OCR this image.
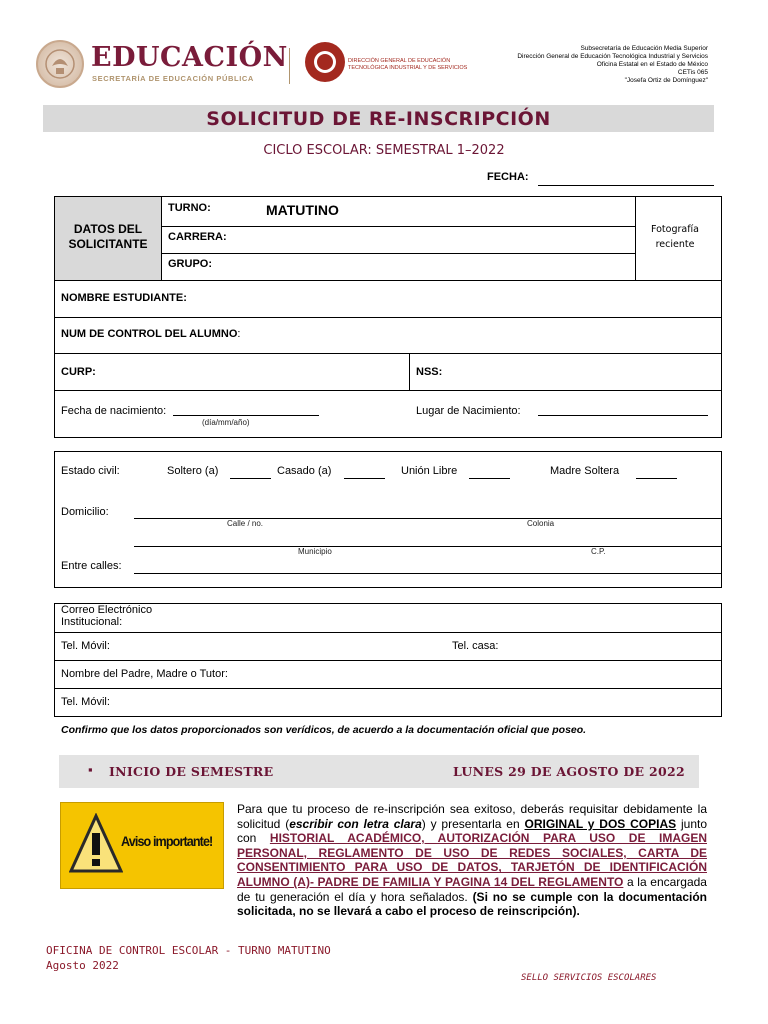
EDUCACIÓN
SECRETARÍA DE EDUCACIÓN PÚBLICA
DIRECCIÓN GENERAL DE EDUCACIÓN
TECNOLÓGICA INDUSTRIAL Y DE SERVICIOS
Subsecretaría de Educación Media Superior
Dirección General de Educación Tecnológica Industrial y Servicios
Oficina Estatal en el Estado de México
CETis 065
"Josefa Ortiz de Domínguez"
SOLICITUD DE RE-INSCRIPCIÓN
CICLO ESCOLAR: SEMESTRAL 1–2022
FECHA:
DATOS DEL SOLICITANTE
TURNO:	MATUTINO
CARRERA:
GRUPO:
Fotografía reciente
NOMBRE ESTUDIANTE:
NUM DE CONTROL DEL ALUMNO:
CURP:	NSS:
Fecha de nacimiento:
(día/mm/año)
Lugar de Nacimiento:
Estado civil:	Soltero (a)	Casado (a)	Unión Libre	Madre Soltera
Domicilio:
Calle / no.	Colonia
Municipio	C.P.
Entre calles:
Correo Electrónico Institucional:
Tel. Móvil:	Tel. casa:
Nombre del Padre, Madre o Tutor:
Tel. Móvil:
Confirmo que los datos proporcionados son verídicos, de acuerdo a la documentación oficial que poseo.
▪ INICIO DE SEMESTRE	LUNES 29 DE AGOSTO DE 2022
Aviso importante!
Para que tu proceso de re-inscripción sea exitoso, deberás requisitar debidamente la solicitud (escribir con letra clara) y presentarla en ORIGINAL y DOS COPIAS junto con HISTORIAL ACADÉMICO, AUTORIZACIÓN PARA USO DE IMAGEN PERSONAL, REGLAMENTO DE USO DE REDES SOCIALES, CARTA DE CONSENTIMIENTO PARA USO DE DATOS, TARJETÓN DE IDENTIFICACIÓN ALUMNO (A)- PADRE DE FAMILIA Y PAGINA 14 DEL REGLAMENTO a la encargada de tu generación el día y hora señalados. (Si no se cumple con la documentación solicitada, no se llevará a cabo el proceso de reinscripción).
OFICINA DE CONTROL ESCOLAR - TURNO MATUTINO
Agosto 2022
SELLO SERVICIOS ESCOLARES
